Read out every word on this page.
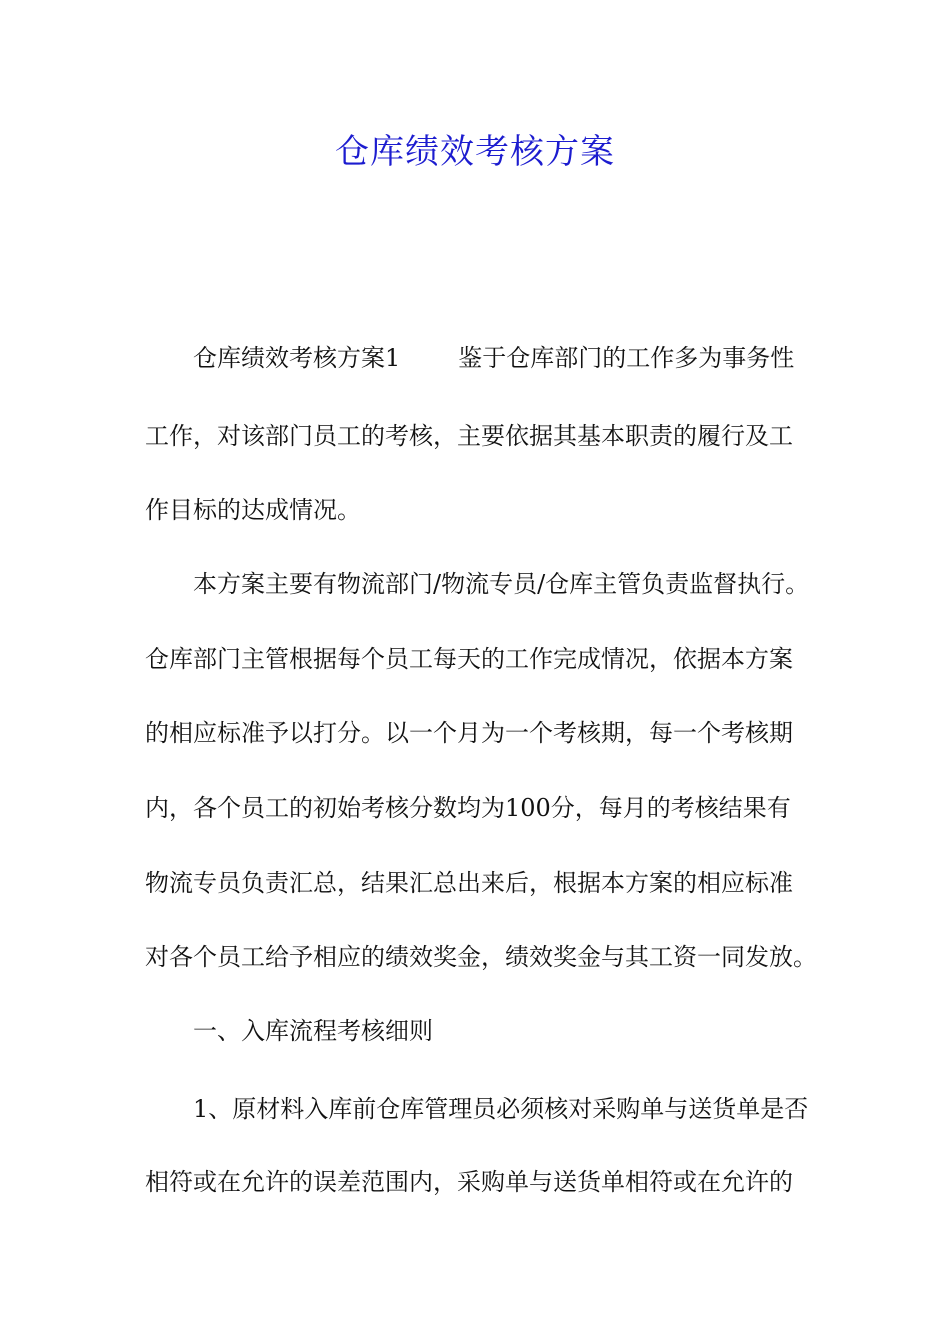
仓库绩效考核方案

仓库绩效考核方案1 鉴于仓库部门的工作多为事务性

工作，对该部门员工的考核，主要依据其基本职责的履行及工

作目标的达成情况。

本方案主要有物流部门/物流专员/仓库主管负责监督执行。

仓库部门主管根据每个员工每天的工作完成情况，依据本方案

的相应标准予以打分。以一个月为一个考核期，每一个考核期

内，各个员工的初始考核分数均为100分，每月的考核结果有

物流专员负责汇总，结果汇总出来后，根据本方案的相应标准

对各个员工给予相应的绩效奖金，绩效奖金与其工资一同发放。

一、入库流程考核细则

1、原材料入库前仓库管理员必须核对采购单与送货单是否

相符或在允许的误差范围内，采购单与送货单相符或在允许的
